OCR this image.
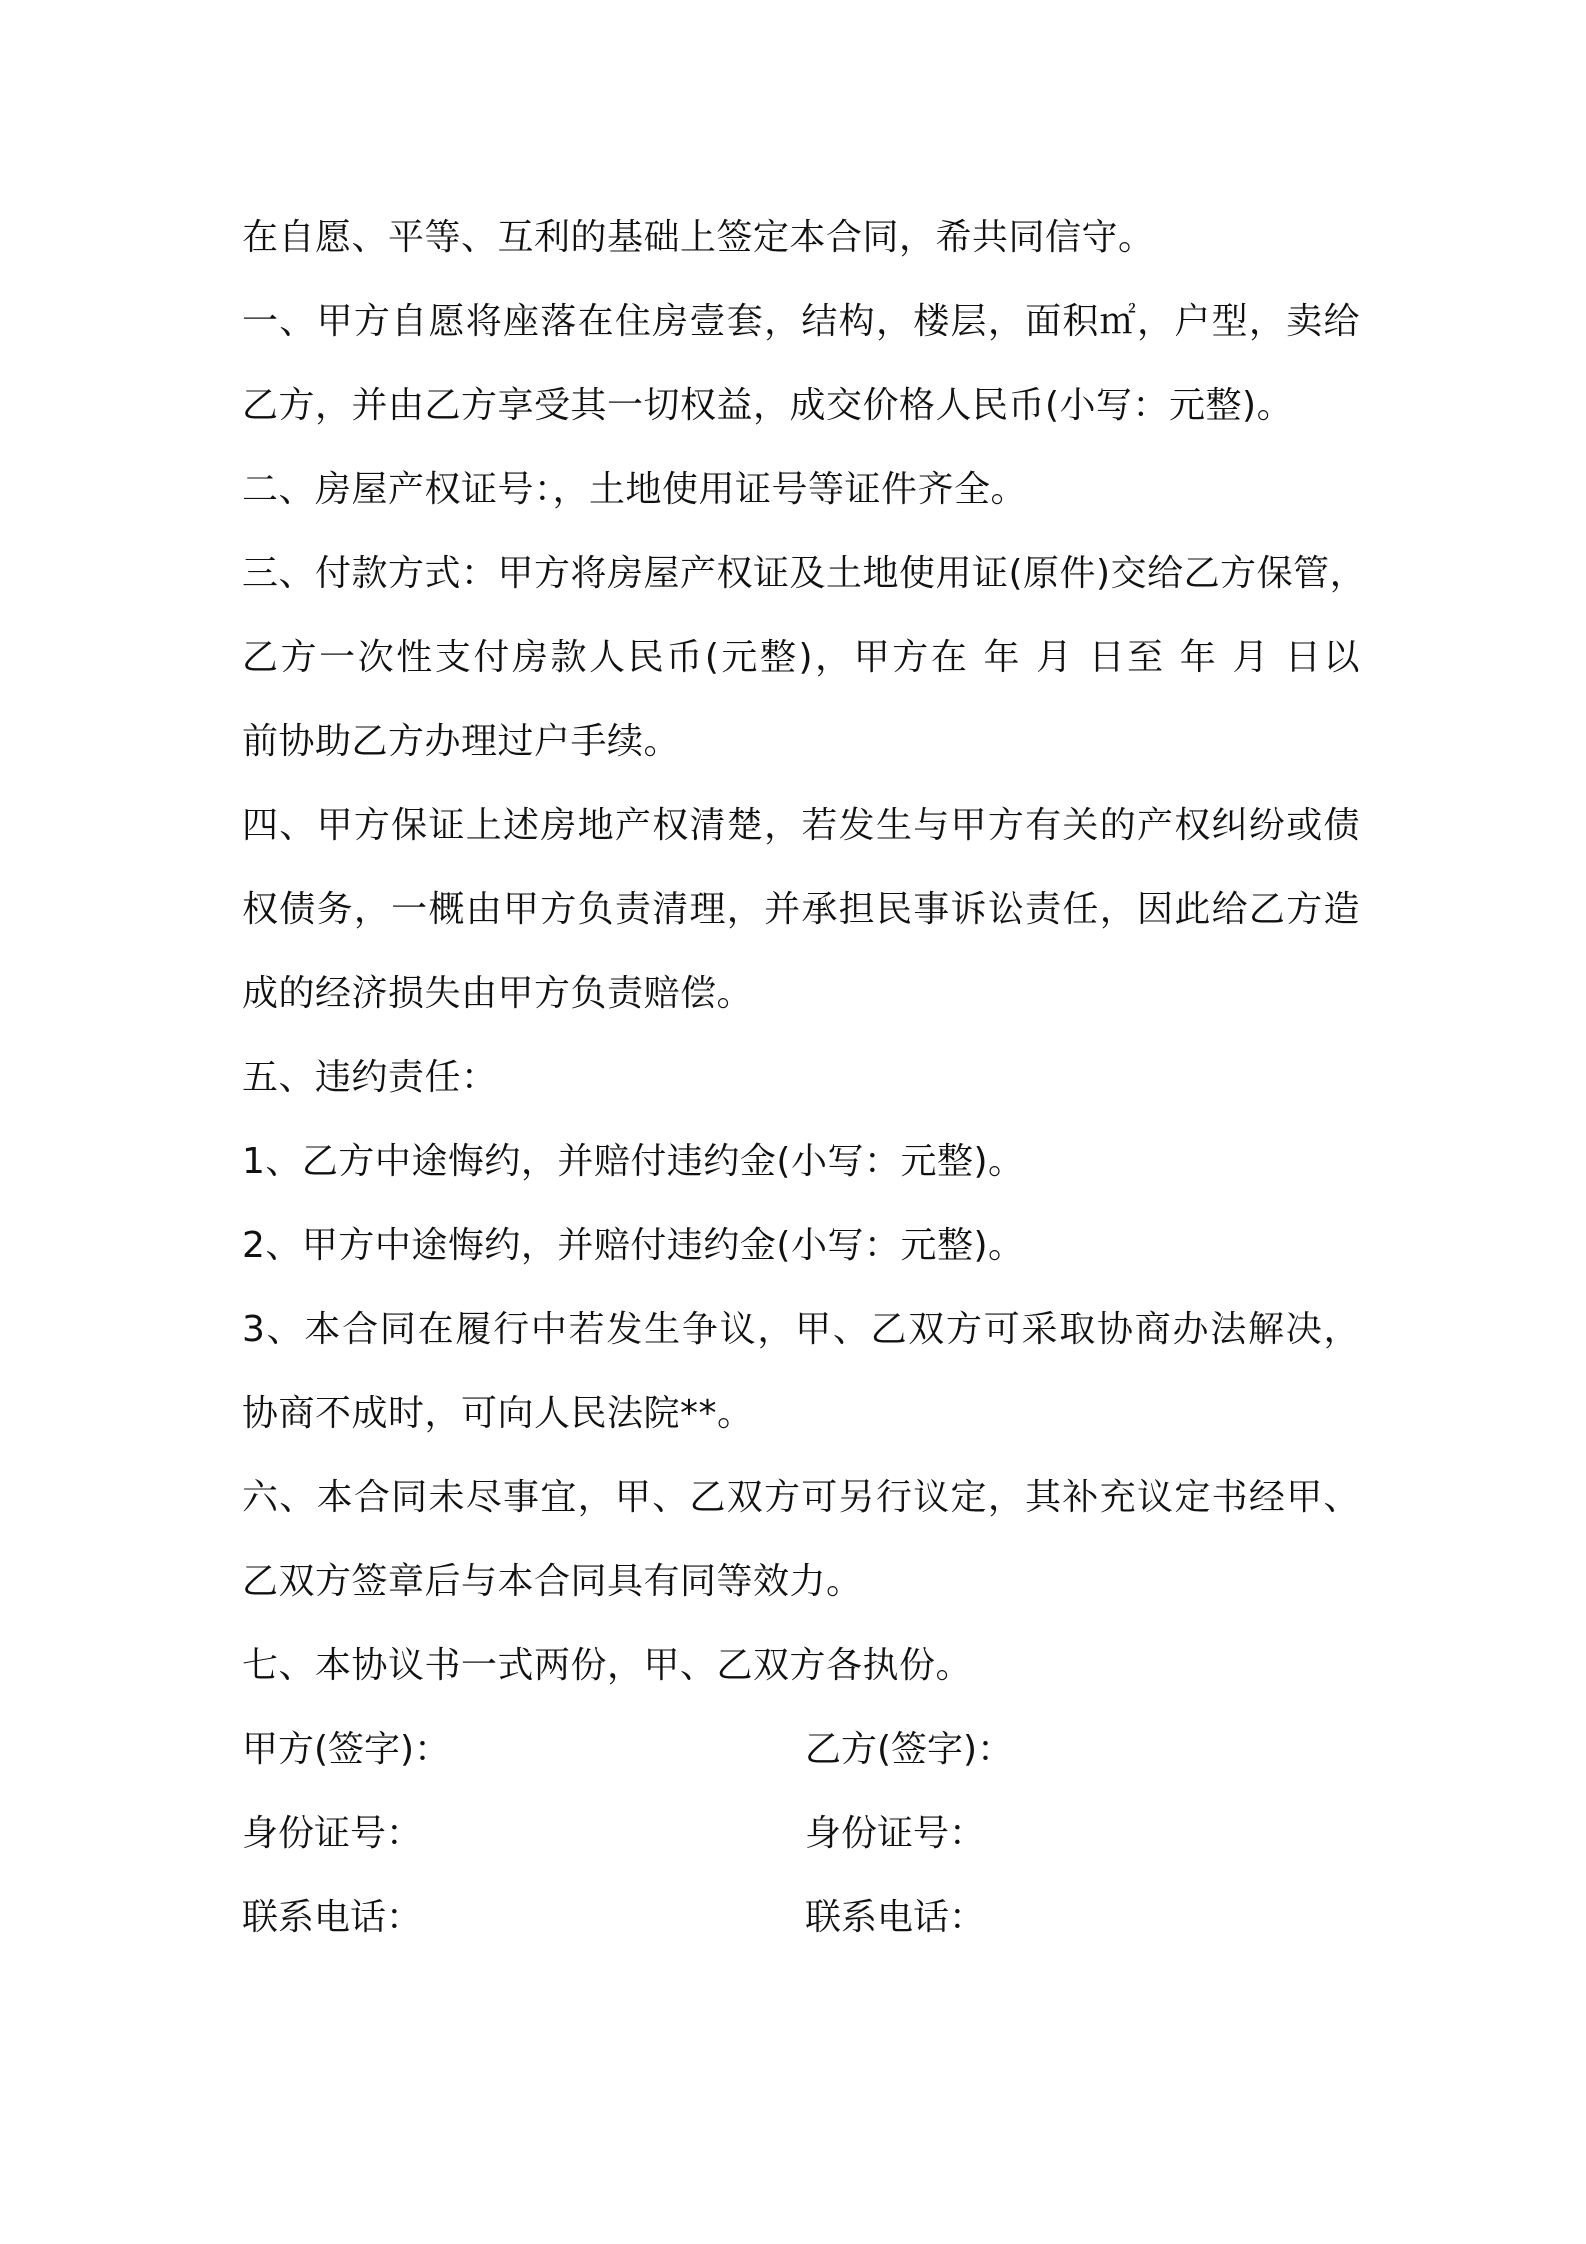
在自愿、平等、互利的基础上签定本合同，希共同信守。
一、甲方自愿将座落在住房壹套，结构，楼层，面积㎡，户型，卖给
乙方，并由乙方享受其一切权益，成交价格人民币(小写：元整)。
二、房屋产权证号：，土地使用证号等证件齐全。
三、付款方式：甲方将房屋产权证及土地使用证(原件)交给乙方保管，
乙方一次性支付房款人民币(元整)，甲方在 年 月 日至 年 月 日以
前协助乙方办理过户手续。
四、甲方保证上述房地产权清楚，若发生与甲方有关的产权纠纷或债
权债务，一概由甲方负责清理，并承担民事诉讼责任，因此给乙方造
成的经济损失由甲方负责赔偿。
五、违约责任：
1、乙方中途悔约，并赔付违约金(小写：元整)。
2、甲方中途悔约，并赔付违约金(小写：元整)。
3、本合同在履行中若发生争议，甲、乙双方可采取协商办法解决，
协商不成时，可向人民法院**。
六、本合同未尽事宜，甲、乙双方可另行议定，其补充议定书经甲、
乙双方签章后与本合同具有同等效力。
七、本协议书一式两份，甲、乙双方各执份。
甲方(签字)：	乙方(签字)：
身份证号：	身份证号：
联系电话：	联系电话：
